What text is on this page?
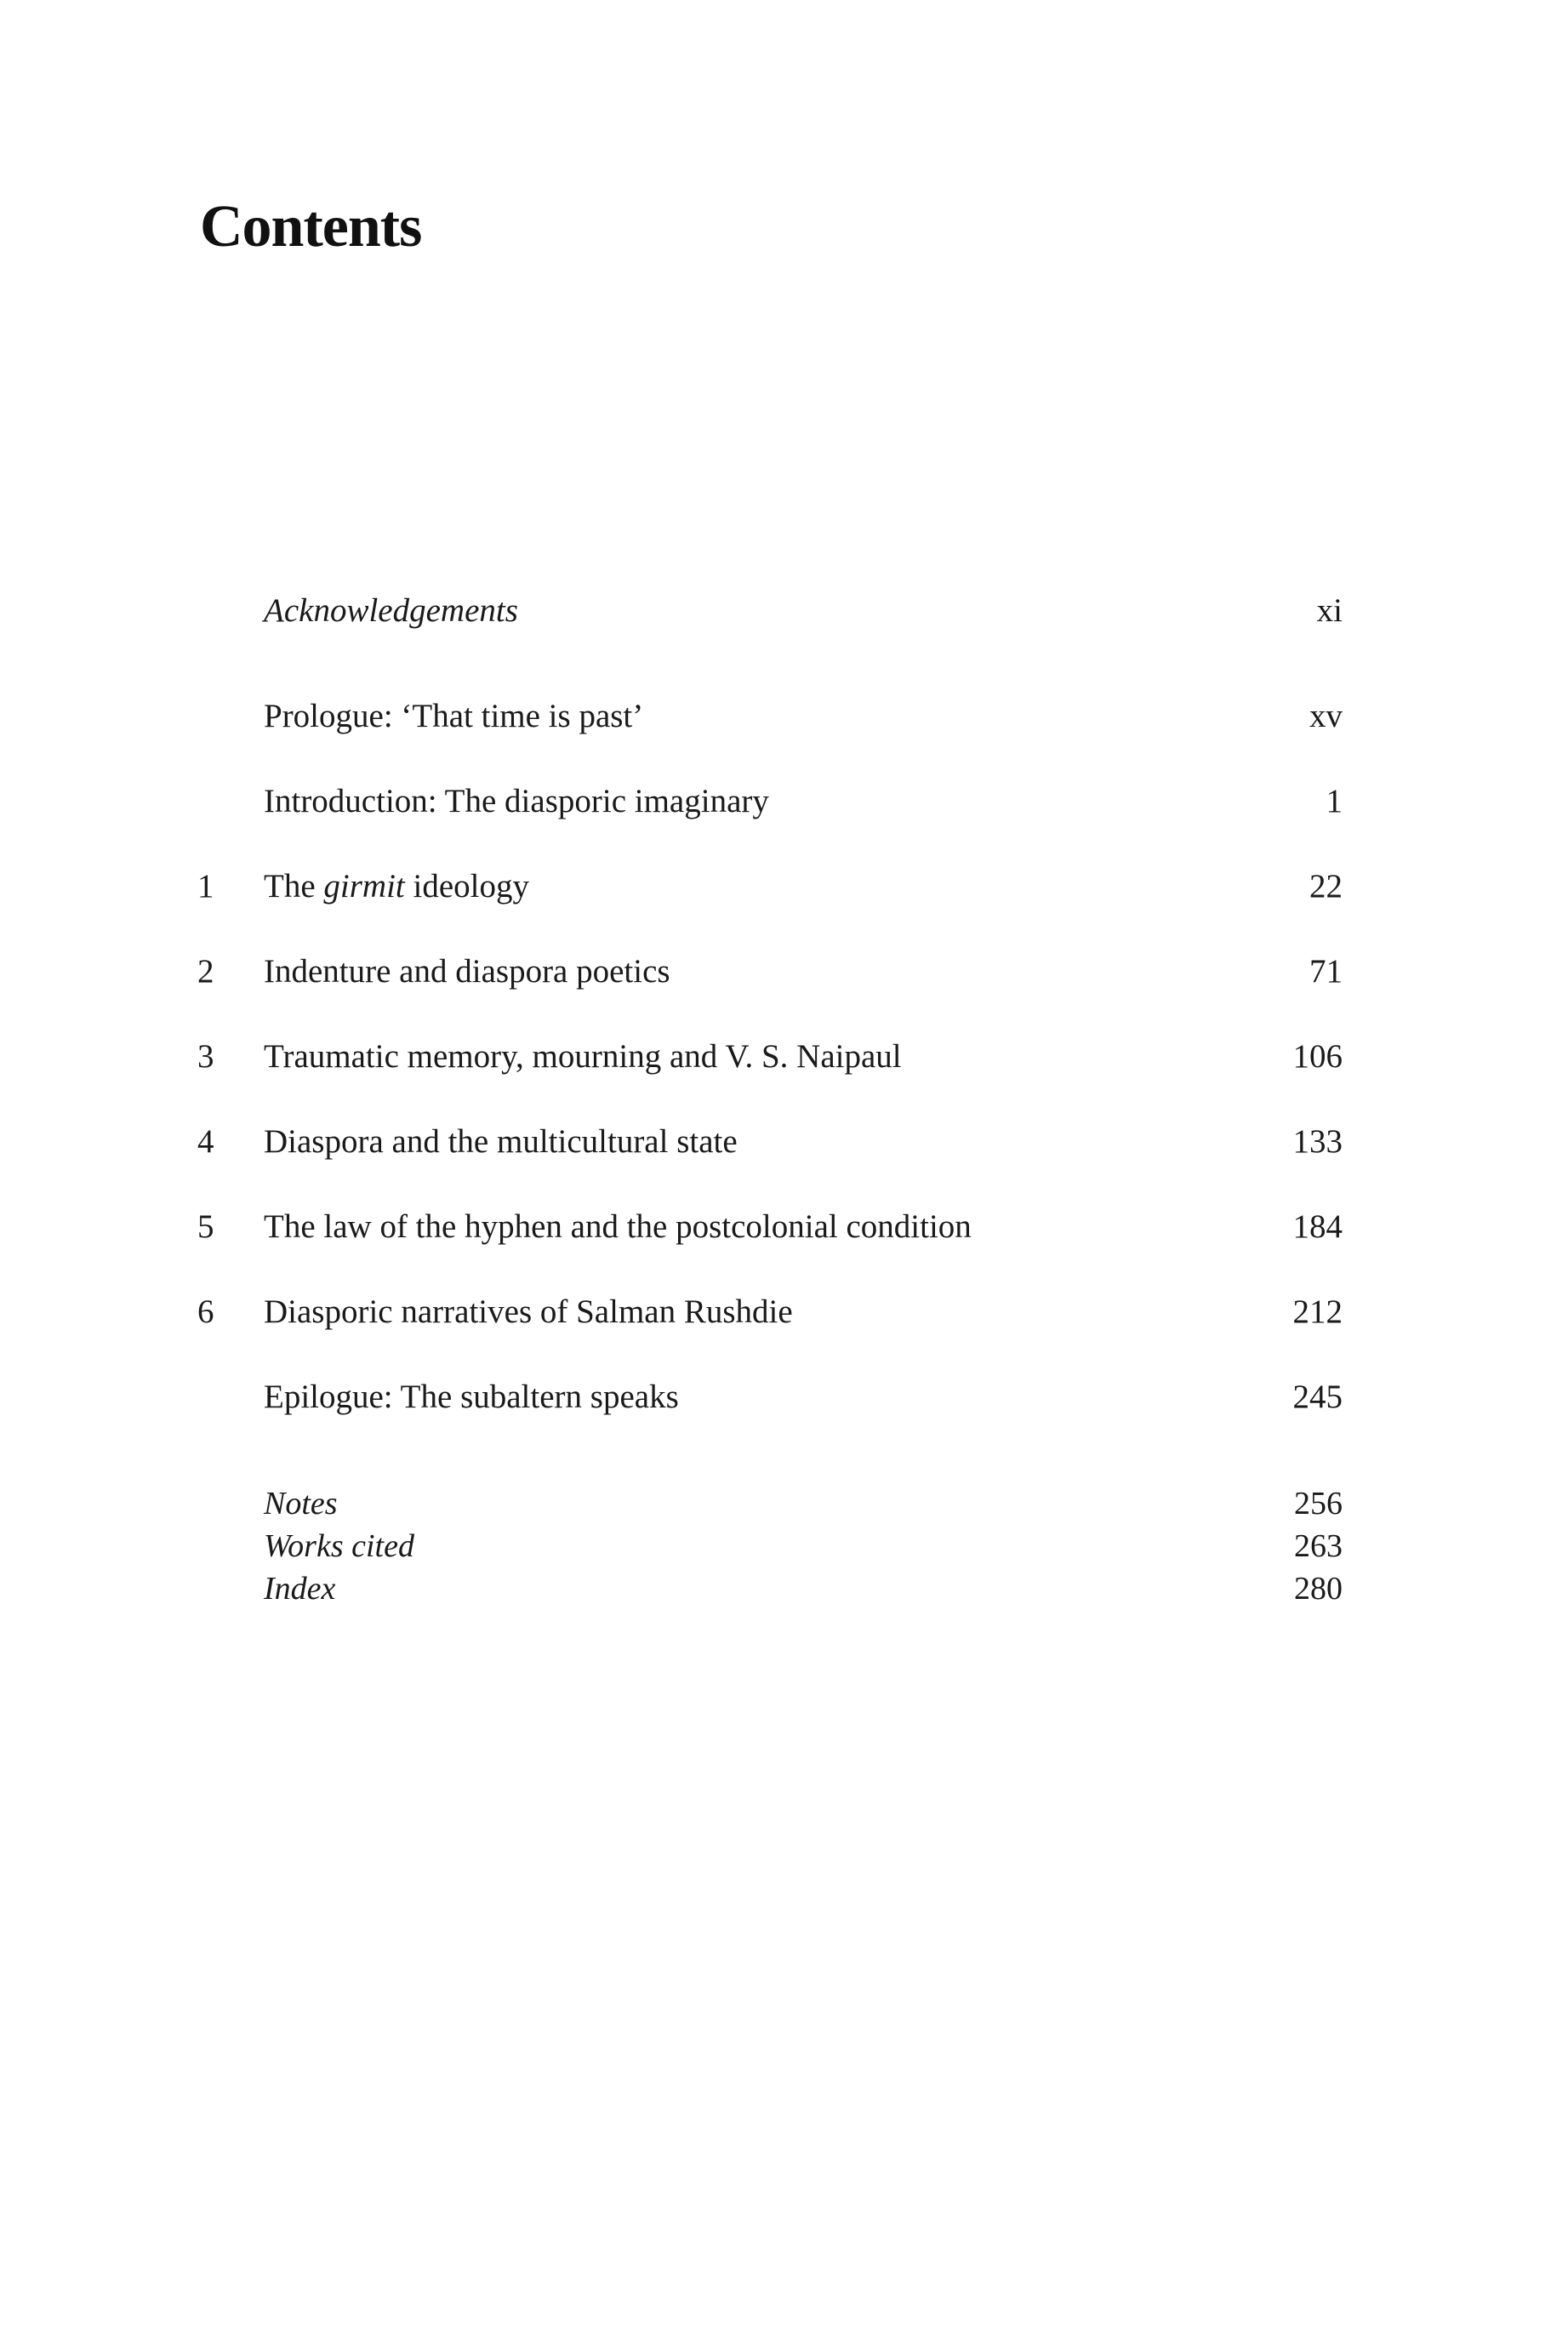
Contents
Acknowledgements	xi
Prologue: ‘That time is past’	xv
Introduction: The diasporic imaginary	1
1	The girmit ideology	22
2	Indenture and diaspora poetics	71
3	Traumatic memory, mourning and V. S. Naipaul	106
4	Diaspora and the multicultural state	133
5	The law of the hyphen and the postcolonial condition	184
6	Diasporic narratives of Salman Rushdie	212
Epilogue: The subaltern speaks	245
Notes	256
Works cited	263
Index	280
